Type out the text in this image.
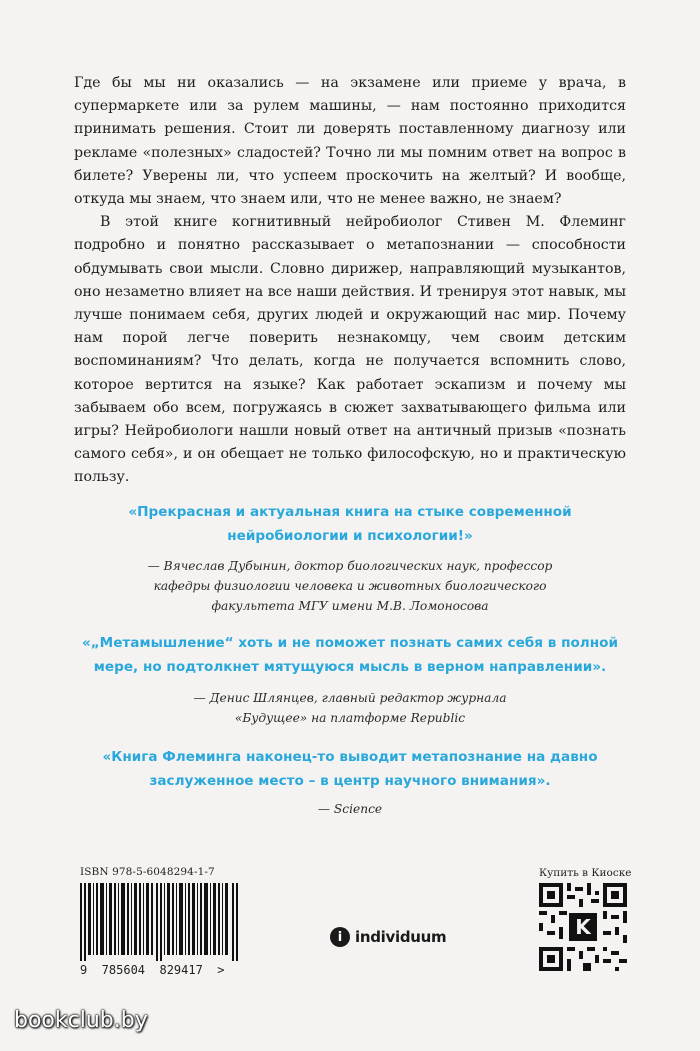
Где бы мы ни оказались — на экзамене или приеме у врача, в супермаркете или за рулем машины, — нам постоянно приходится принимать решения. Стоит ли доверять поставленному диагнозу или рекламе «полезных» сладостей? Точно ли мы помним ответ на вопрос в билете? Уверены ли, что успеем проскочить на желтый? И вообще, откуда мы знаем, что знаем или, что не менее важно, не знаем?

В этой книге когнитивный нейробиолог Стивен М. Флеминг подробно и понятно рассказывает о метапознании — способности обдумывать свои мысли. Словно дирижер, направляющий музыкантов, оно незаметно влияет на все наши действия. И тренируя этот навык, мы лучше понимаем себя, других людей и окружающий нас мир. Почему нам порой легче поверить незнакомцу, чем своим детским воспоминаниям? Что делать, когда не получается вспомнить слово, которое вертится на языке? Как работает эскапизм и почему мы забываем обо всем, погружаясь в сюжет захватывающего фильма или игры? Нейробиологи нашли новый ответ на античный призыв «познать самого себя», и он обещает не только философскую, но и практическую пользу.

«Прекрасная и актуальная книга на стыке современной
нейробиологии и психологии!»
— Вячеслав Дубынин, доктор биологических наук, профессор
кафедры физиологии человека и животных биологического
факультета МГУ имени М.В. Ломоносова
«„Метамышление“ хоть и не поможет познать самих себя в полной
мере, но подтолкнет мятущуюся мысль в верном направлении».
— Денис Шлянцев, главный редактор журнала
«Будущее» на платформе Republic
«Книга Флеминга наконец-то выводит метапознание на давно
заслуженное место – в центр научного внимания».
— Science
ISBN 978-5-6048294-1-7
9  785604  829417  >
i individuum
Купить в Киоске
K
bookclub.by
